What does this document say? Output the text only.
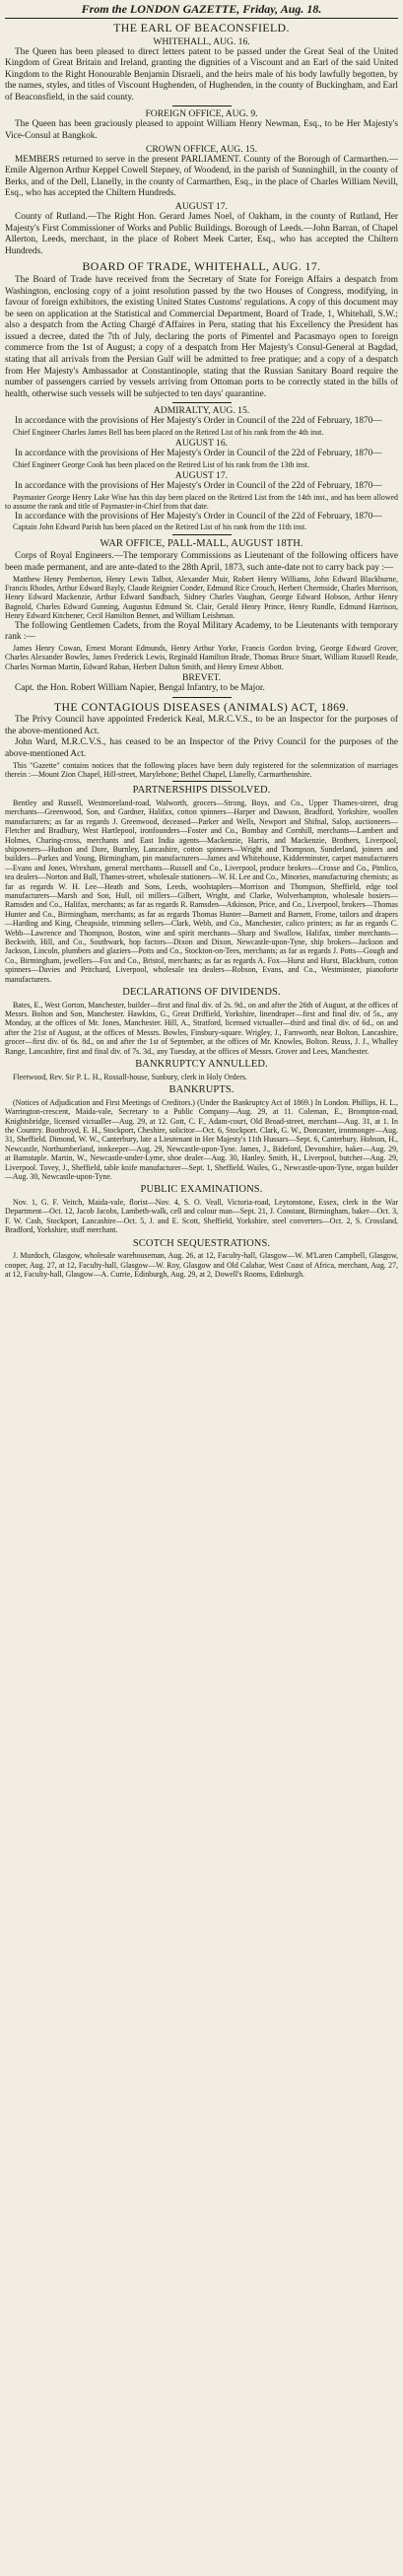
From the LONDON GAZETTE, Friday, Aug. 18.
THE EARL OF BEACONSFIELD.
WHITEHALL, AUG. 16.
The Queen has been pleased to direct letters patent to be passed under the Great Seal of the United Kingdom of Great Britain and Ireland, granting the dignities of a Viscount and an Earl of the said United Kingdom to the Right Honourable Benjamin Disraeli, and the heirs male of his body lawfully begotten, by the names, styles, and titles of Viscount Hughenden, of Hughenden, in the county of Buckingham, and Earl of Beaconsfield, in the said county.
FOREIGN OFFICE, AUG. 9.
The Queen has been graciously pleased to appoint William Henry Newman, Esq., to be Her Majesty's Vice-Consul at Bangkok.
CROWN OFFICE, AUG. 15.
MEMBERS returned to serve in the present PARLIAMENT. County of the Borough of Carmarthen.—Emile Algernon Arthur Keppel Cowell Stepney, of Woodend, in the parish of Sunninghill, in the county of Berks, and of the Dell, Llanelly, in the county of Carmarthen, Esq., in the place of Charles William Nevill, Esq., who has accepted the Chiltern Hundreds.
AUGUST 17.
County of Rutland.—The Right Hon. Gerard James Noel, of Oakham, in the county of Rutland, Her Majesty's First Commissioner of Works and Public Buildings. Borough of Leeds.—John Barran, of Chapel Allerton, Leeds, merchant, in the place of Robert Meek Carter, Esq., who has accepted the Chiltern Hundreds.
BOARD OF TRADE, WHITEHALL, AUG. 17.
The Board of Trade have received from the Secretary of State for Foreign Affairs a despatch from Washington, enclosing copy of a joint resolution passed by the two Houses of Congress, modifying, in favour of foreign exhibitors, the existing United States Customs' regulations. A copy of this document may be seen on application at the Statistical and Commercial Department, Board of Trade, 1, Whitehall, S.W.; also a despatch from the Acting Chargé d'Affaires in Peru, stating that his Excellency the President has issued a decree, dated the 7th of July, declaring the ports of Pimentel and Pacasmayo open to foreign commerce from the 1st of August; a copy of a despatch from Her Majesty's Consul-General at Bagdad, stating that all arrivals from the Persian Gulf will be admitted to free pratique; and a copy of a despatch from Her Majesty's Ambassador at Constantinople, stating that the Russian Sanitary Board require the number of passengers carried by vessels arriving from Ottoman ports to be correctly stated in the bills of health, otherwise such vessels will be subjected to ten days' quarantine.
ADMIRALTY, AUG. 15.
In accordance with the provisions of Her Majesty's Order in Council of the 22d of February, 1870—
Chief Engineer Charles James Bell has been placed on the Retired List of his rank from the 4th inst.
AUGUST 16.
In accordance with the provisions of Her Majesty's Order in Council of the 22d of February, 1870—
Chief Engineer George Cook has been placed on the Retired List of his rank from the 13th inst.
AUGUST 17.
In accordance with the provisions of Her Majesty's Order in Council of the 22d of February, 1870—
Paymaster George Henry Lake Wise has this day been placed on the Retired List from the 14th inst., and has been allowed to assume the rank and title of Paymaster-in-Chief from that date.
In accordance with the provisions of Her Majesty's Order in Council of the 22d of February, 1870—
Captain John Edward Parish has been placed on the Retired List of his rank from the 11th inst.
WAR OFFICE, PALL-MALL, AUGUST 18TH.
Corps of Royal Engineers.—The temporary Commissions as Lieutenant of the following officers have been made permanent, and are ante-dated to the 28th April, 1873, such ante-date not to carry back pay :—
Matthew Henry Pemberton, Henry Lewis Talbot, Alexander Muir, Robert Henry Williams, John Edward Blackburne, Francis Rhodes, Arthur Edward Bayly, Claude Reignier Conder, Edmund Rice Crouch, Herbert Chermside, Charles Morrison, Henry Edward Mackenzie, Arthur Edward Sandbach, Sidney Charles Vaughan, George Edward Hobson, Arthur Henry Bagnold, Charles Edward Gunning, Augustus Edmund St. Clair, Gerald Henry Prince, Henry Rundle, Edmund Harrison, Henry Edward Kitchener, Cecil Hamilton Bennet, and William Leishman.
The following Gentlemen Cadets, from the Royal Military Academy, to be Lieutenants with temporary rank :—
James Henry Cowan, Ernest Morant Edmunds, Henry Arthur Yorke, Francis Gordon Irving, George Edward Grover, Charles Alexander Bowles, James Frederick Lewis, Reginald Hamilton Brade, Thomas Bruce Stuart, William Russell Reade, Charles Norman Martin, Edward Raban, Herbert Dalton Smith, and Henry Ernest Abbott.
BREVET.
Capt. the Hon. Robert William Napier, Bengal Infantry, to be Major.
THE CONTAGIOUS DISEASES (ANIMALS) ACT, 1869.
The Privy Council have appointed Frederick Keal, M.R.C.V.S., to be an Inspector for the purposes of the above-mentioned Act.
John Ward, M.R.C.V.S., has ceased to be an Inspector of the Privy Council for the purposes of the above-mentioned Act.
This "Gazette" contains notices that the following places have been duly registered for the solemnization of marriages therein :—Mount Zion Chapel, Hill-street, Marylebone; Bethel Chapel, Llanelly, Carmarthenshire.
PARTNERSHIPS DISSOLVED.
Bentley and Russell, Westmoreland-road, Walworth, grocers—Strong, Boys, and Co., Upper Thames-street, drug merchants—Greenwood, Son, and Gardner, Halifax, cotton spinners—Harper and Dawson, Bradford, Yorkshire, woollen manufacturers; as far as regards J. Greenwood, deceased—Parker and Wells, Newport and Shifnal, Salop, auctioneers—Fletcher and Bradbury, West Hartlepool, ironfounders—Foster and Co., Bombay and Cornhill, merchants—Lambert and Holmes, Charing-cross, merchants and East India agents—Mackenzie, Harris, and Mackenzie, Brothers, Liverpool, shipowners—Hudson and Dore, Burnley, Lancashire, cotton spinners—Wright and Thompson, Sunderland, joiners and builders—Parkes and Young, Birmingham, pin manufacturers—James and Whitehouse, Kidderminster, carpet manufacturers—Evans and Jones, Wrexham, general merchants—Russell and Co., Liverpool, produce brokers—Crosse and Co., Pimlico, tea dealers—Norton and Ball, Thames-street, wholesale stationers—W. H. Lee and Co., Minories, manufacturing chemists; as far as regards W. H. Lee—Heath and Sons, Leeds, woolstaplers—Morrison and Thompson, Sheffield, edge tool manufacturers—Marsh and Son, Hull, oil millers—Gilbert, Wright, and Clarke, Wolverhampton, wholesale hosiers—Ramsden and Co., Halifax, merchants; as far as regards R. Ramsden—Atkinson, Price, and Co., Liverpool, brokers—Thomas Hunter and Co., Birmingham, merchants; as far as regards Thomas Hunter—Barnett and Barnett, Frome, tailors and drapers—Harding and King, Cheapside, trimming sellers—Clark, Webb, and Co., Manchester, calico printers; as far as regards C. Webb—Lawrence and Thompson, Boston, wine and spirit merchants—Sharp and Swallow, Halifax, timber merchants—Beckwith, Hill, and Co., Southwark, hop factors—Dixon and Dixon, Newcastle-upon-Tyne, ship brokers—Jackson and Jackson, Lincoln, plumbers and glaziers—Potts and Co., Stockton-on-Tees, merchants; as far as regards J. Potts—Gough and Co., Birmingham, jewellers—Fox and Co., Bristol, merchants; as far as regards A. Fox—Hurst and Hurst, Blackburn, cotton spinners—Davies and Pritchard, Liverpool, wholesale tea dealers—Robson, Evans, and Co., Westminster, pianoforte manufacturers.
DECLARATIONS OF DIVIDENDS.
Bates, E., West Gorton, Manchester, builder—first and final div. of 2s. 9d., on and after the 26th of August, at the offices of Messrs. Bolton and Son, Manchester. Hawkins, G., Great Driffield, Yorkshire, linendraper—first and final div. of 5s., any Monday, at the offices of Mr. Jones, Manchester. Hill, A., Stratford, licensed victualler—third and final div. of 6d., on and after the 21st of August, at the offices of Messrs. Bowles, Finsbury-square. Wrigley, J., Farnworth, near Bolton, Lancashire, grocer—first div. of 6s. 8d., on and after the 1st of September, at the offices of Mr. Knowles, Bolton. Reuss, J. J., Whalley Range, Lancashire, first and final div. of 7s. 3d., any Tuesday, at the offices of Messrs. Grover and Lees, Manchester.
BANKRUPTCY ANNULLED.
Fleetwood, Rev. Sir P. L. H., Rossall-house, Sunbury, clerk in Holy Orders.
BANKRUPTS.
(Notices of Adjudication and First Meetings of Creditors.) (Under the Bankruptcy Act of 1869.) In London. Phillips, H. L., Warrington-crescent, Maida-vale, Secretary to a Public Company—Aug. 29, at 11. Coleman, E., Brompton-road, Knightsbridge, licensed victualler—Aug. 29, at 12. Gott, C. F., Adam-court, Old Broad-street, merchant—Aug. 31, at 1. In the Country. Boothroyd, E. H., Stockport, Cheshire, solicitor—Oct. 6, Stockport. Clark, G. W., Doncaster, ironmonger—Aug. 31, Sheffield. Dimond, W. W., Canterbury, late a Lieutenant in Her Majesty's 11th Hussars—Sept. 6, Canterbury. Hobson, H., Newcastle, Northumberland, innkeeper—Aug. 29, Newcastle-upon-Tyne. James, J., Bideford, Devonshire, baker—Aug. 29, at Barnstaple. Martin, W., Newcastle-under-Lyme, shoe dealer—Aug. 30, Hanley. Smith, H., Liverpool, butcher—Aug. 29, Liverpool. Tovey, J., Sheffield, table knife manufacturer—Sept. 1, Sheffield. Wailes, G., Newcastle-upon-Tyne, organ builder—Aug. 30, Newcastle-upon-Tyne.
PUBLIC EXAMINATIONS.
Nov. 1, G. F. Veitch, Maida-vale, florist—Nov. 4, S. O. Veall, Victoria-road, Leytonstone, Essex, clerk in the War Department—Oct. 12, Jacob Jacobs, Lambeth-walk, cell and colour man—Sept. 21, J. Constant, Birmingham, baker—Oct. 3, F. W. Cash, Stockport, Lancashire—Oct. 5, J. and E. Scott, Sheffield, Yorkshire, steel converters—Oct. 2, S. Crossland, Bradford, Yorkshire, stuff merchant.
SCOTCH SEQUESTRATIONS.
J. Murdoch, Glasgow, wholesale warehouseman, Aug. 26, at 12, Faculty-hall, Glasgow—W. M'Laren Campbell, Glasgow, cooper, Aug. 27, at 12, Faculty-hall, Glasgow—W. Roy, Glasgow and Old Calabar, West Coast of Africa, merchant, Aug. 27, at 12, Faculty-hall, Glasgow—A. Currie, Edinburgh, Aug. 29, at 2, Dowell's Rooms, Edinburgh.
